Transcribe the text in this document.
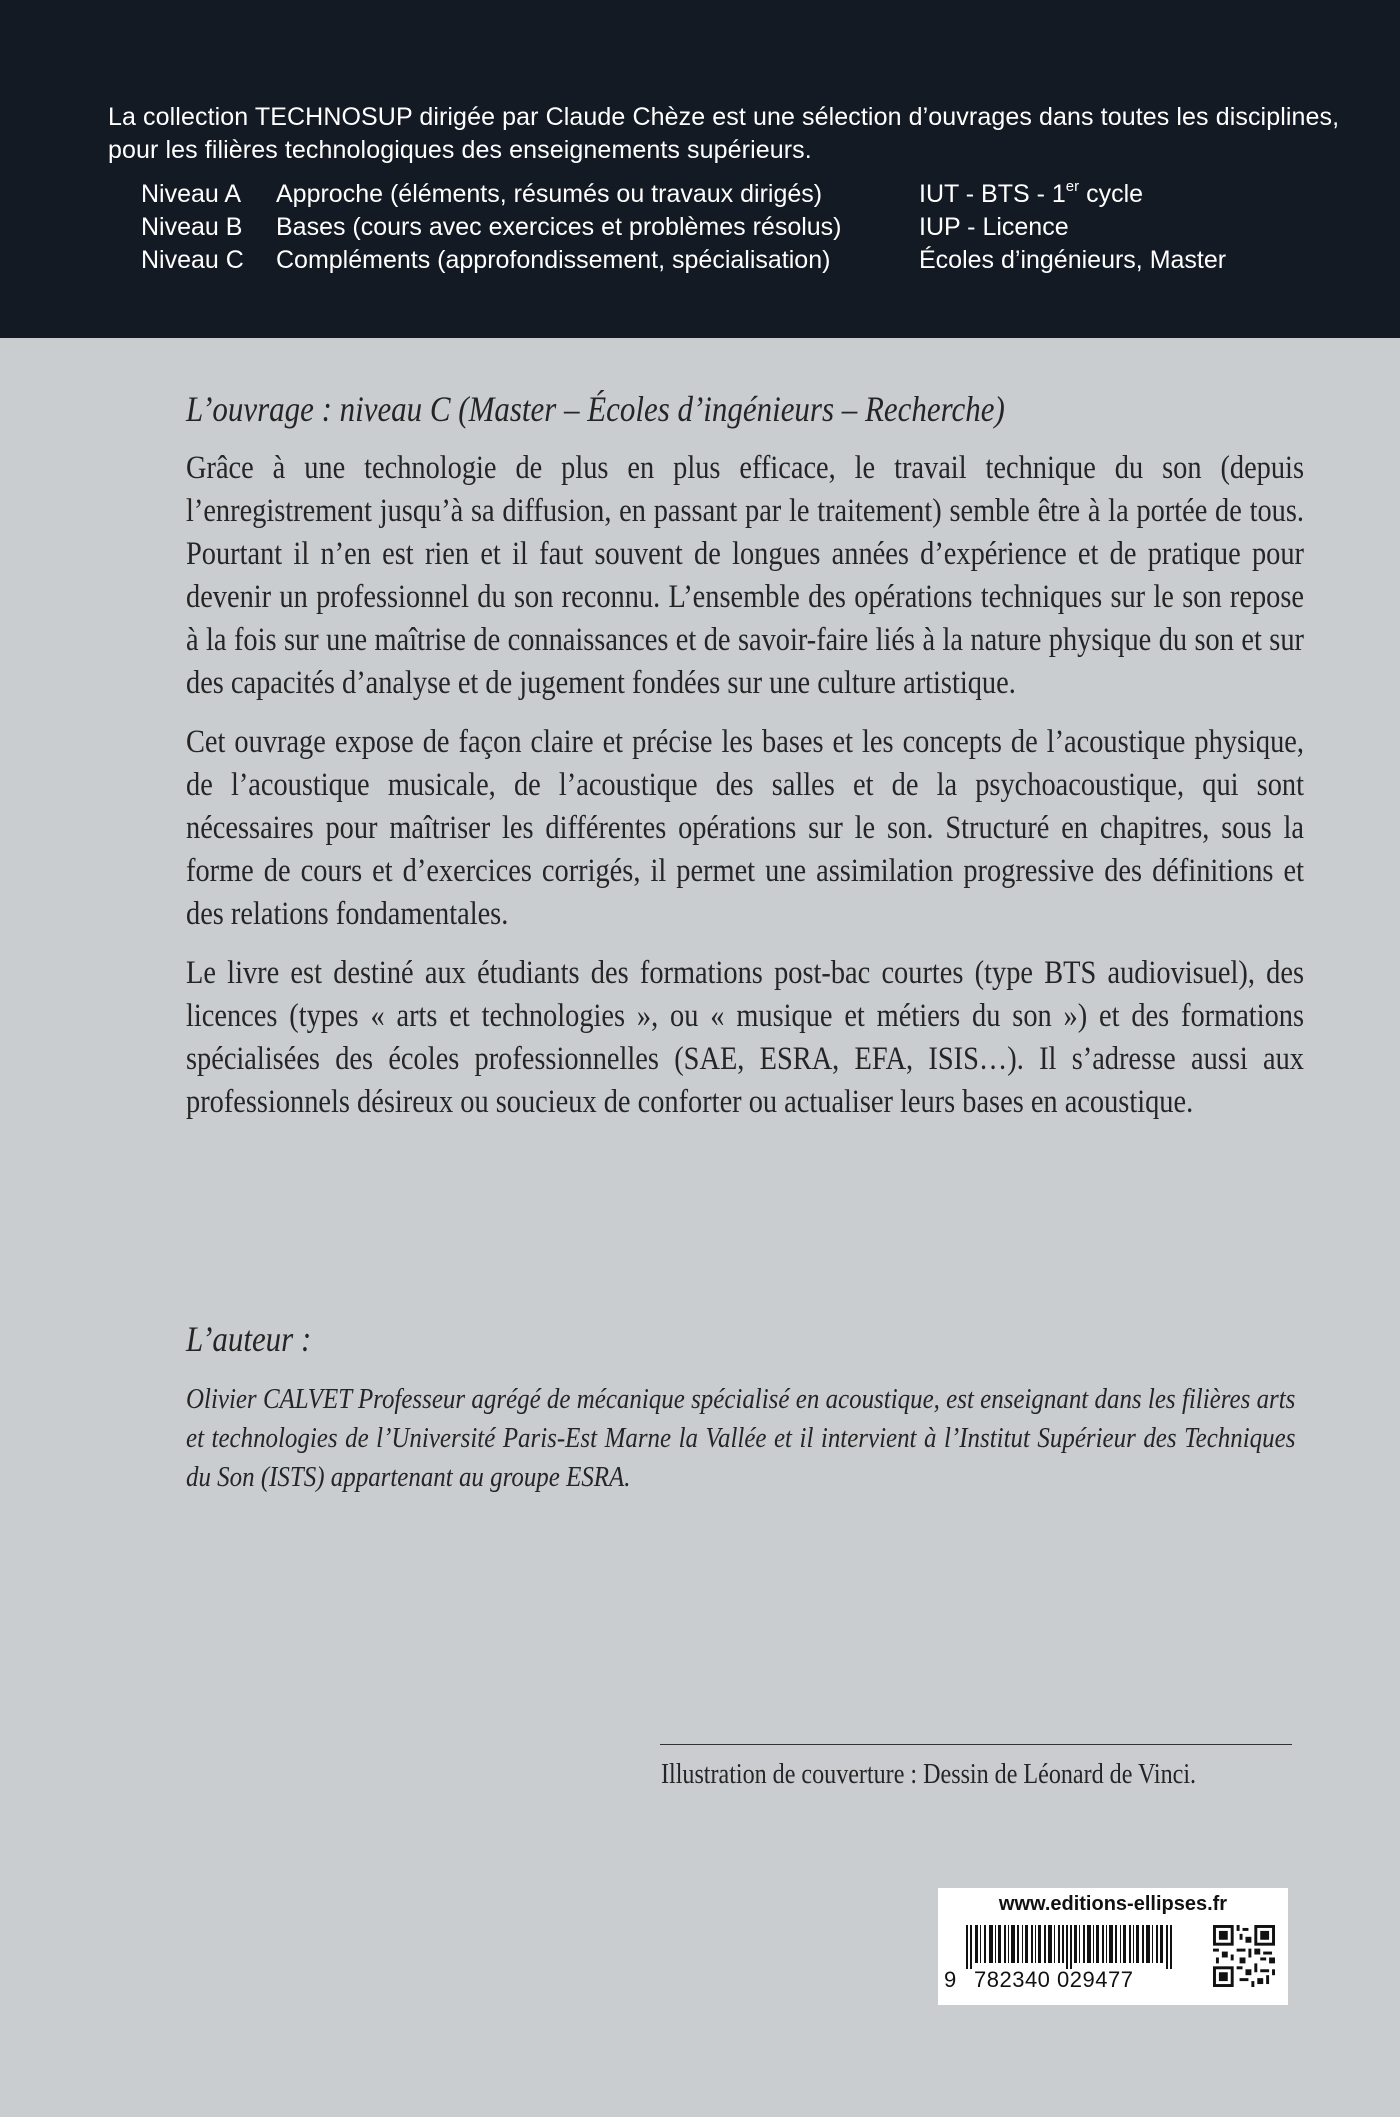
La collection TECHNOSUP dirigée par Claude Chèze est une sélection d’ouvrages dans toutes les disciplines, pour les filières technologiques des enseignements supérieurs.
Niveau A Approche (éléments, résumés ou travaux dirigés)	IUT - BTS - 1er cycle
Niveau B Bases (cours avec exercices et problèmes résolus)	IUP - Licence
Niveau C Compléments (approfondissement, spécialisation)	Écoles d’ingénieurs, Master
L’ouvrage : niveau C (Master – Écoles d’ingénieurs – Recherche)

Grâce à une technologie de plus en plus efficace, le travail technique du son (depuis l’enregistrement jusqu’à sa diffusion, en passant par le traitement) semble être à la portée de tous. Pourtant il n’en est rien et il faut souvent de longues années d’expérience et de pratique pour devenir un professionnel du son reconnu. L’ensemble des opérations techniques sur le son repose à la fois sur une maîtrise de connaissances et de savoir-faire liés à la nature physique du son et sur des capacités d’analyse et de jugement fondées sur une culture artistique.

Cet ouvrage expose de façon claire et précise les bases et les concepts de l’acoustique physique, de l’acoustique musicale, de l’acoustique des salles et de la psychoacoustique, qui sont nécessaires pour maîtriser les différentes opérations sur le son. Structuré en chapitres, sous la forme de cours et d’exercices corrigés, il permet une assimilation progressive des définitions et des relations fondamentales.

Le livre est destiné aux étudiants des formations post-bac courtes (type BTS audiovisuel), des licences (types « arts et technologies », ou « musique et métiers du son ») et des formations spécialisées des écoles professionnelles (SAE, ESRA, EFA, ISIS…). Il s’adresse aussi aux professionnels désireux ou soucieux de conforter ou actualiser leurs bases en acoustique.

L’auteur :
Olivier CALVET Professeur agrégé de mécanique spécialisé en acoustique, est enseignant dans les filières arts et technologies de l’Université Paris-Est Marne la Vallée et il intervient à l’Institut Supérieur des Techniques du Son (ISTS) appartenant au groupe ESRA.
Illustration de couverture : Dessin de Léonard de Vinci.
www.editions-ellipses.fr
9 782340 029477
